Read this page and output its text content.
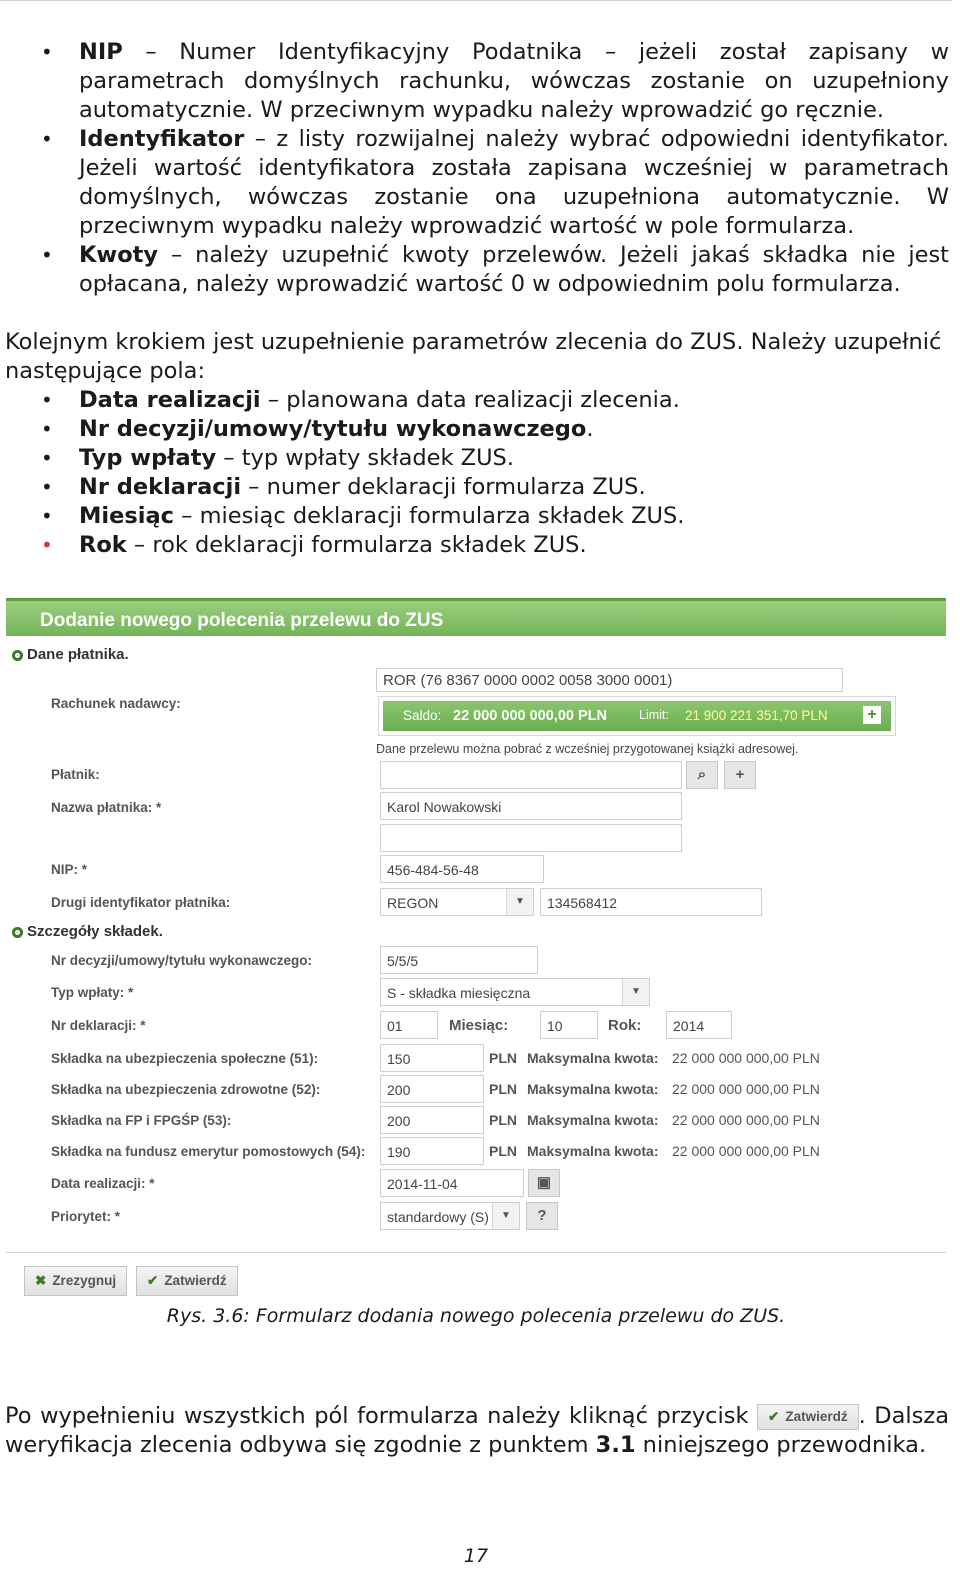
• NIP – Numer Identyfikacyjny Podatnika – jeżeli został zapisany w parametrach domyślnych rachunku, wówczas zostanie on uzupełniony automatycznie. W przeciwnym wypadku należy wprowadzić go ręcznie.
• Identyfikator – z listy rozwijalnej należy wybrać odpowiedni identyfikator. Jeżeli wartość identyfikatora została zapisana wcześniej w parametrach domyślnych, wówczas zostanie ona uzupełniona automatycznie. W przeciwnym wypadku należy wprowadzić wartość w pole formularza.
• Kwoty – należy uzupełnić kwoty przelewów. Jeżeli jakaś składka nie jest opłacana, należy wprowadzić wartość 0 w odpowiednim polu formularza.
Kolejnym krokiem jest uzupełnienie parametrów zlecenia do ZUS. Należy uzupełnić następujące pola:
• Data realizacji – planowana data realizacji zlecenia.
• Nr decyzji/umowy/tytułu wykonawczego.
• Typ wpłaty – typ wpłaty składek ZUS.
• Nr deklaracji – numer deklaracji formularza ZUS.
• Miesiąc – miesiąc deklaracji formularza składek ZUS.
• Rok – rok deklaracji formularza składek ZUS.
Dodanie nowego polecenia przelewu do ZUS
Dane płatnika.
ROR (76 8367 0000 0002 0058 3000 0001)
Rachunek nadawcy:
Saldo: 22 000 000 000,00 PLN	Limit: 21 900 221 351,70 PLN +
Dane przelewu można pobrać z wcześniej przygotowanej książki adresowej.
Płatnik:	⌕	+
Nazwa płatnika: *	Karol Nowakowski
NIP: *	456-484-56-48
Drugi identyfikator płatnika:	REGON	▼	134568412
Szczegóły składek.
Nr decyzji/umowy/tytułu wykonawczego:	5/5/5
Typ wpłaty: *	S - składka miesięczna	▼
Nr deklaracji: *	01	Miesiąc:	10	Rok:	2014
Składka na ubezpieczenia społeczne (51):	150	PLN Maksymalna kwota: 22 000 000 000,00 PLN
Składka na ubezpieczenia zdrowotne (52):	200	PLN Maksymalna kwota: 22 000 000 000,00 PLN
Składka na FP i FPGŚP (53):	200	PLN Maksymalna kwota: 22 000 000 000,00 PLN
Składka na fundusz emerytur pomostowych (54):	190	PLN Maksymalna kwota: 22 000 000 000,00 PLN
Data realizacji: *	2014-11-04	▣
Priorytet: *	standardowy (S)	▼	?
✖ Zrezygnuj	✔ Zatwierdź
Rys. 3.6: Formularz dodania nowego polecenia przelewu do ZUS.
Po wypełnieniu wszystkich pól formularza należy kliknąć przycisk ✔ Zatwierdź . Dalsza weryfikacja zlecenia odbywa się zgodnie z punktem 3.1 niniejszego przewodnika.
17
